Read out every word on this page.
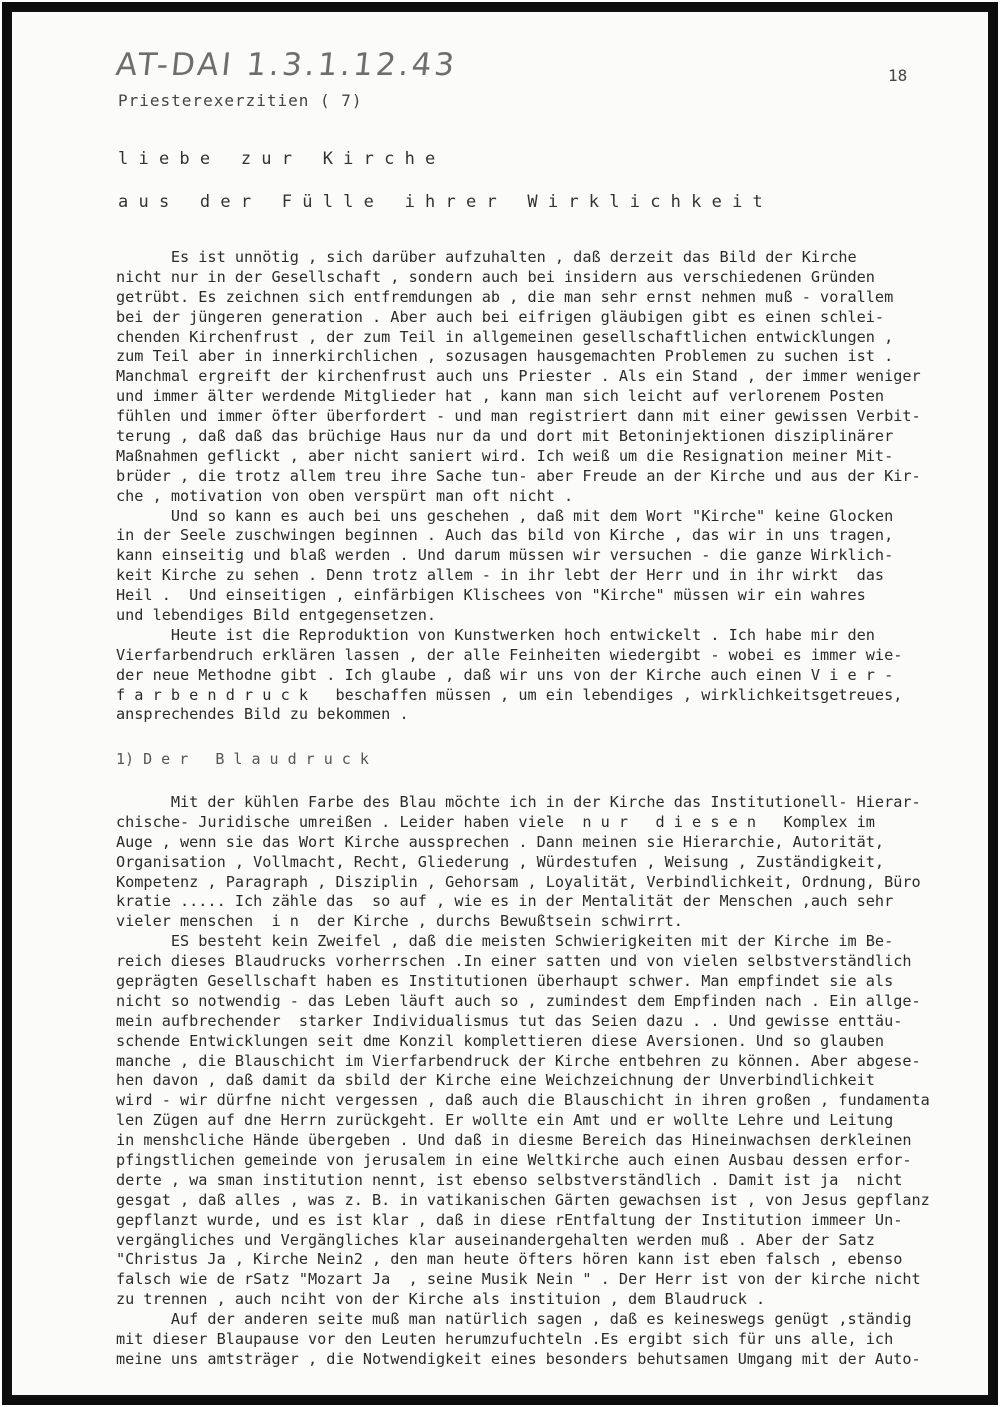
AT-DAI 1.3.1.12.43	18
Priesterexerzitien ( 7)
l i e b e   z u r   K i r c h e
a u s   d e r   F ü l l e   i h r e r   W i r k l i c h k e i t
Es ist unnötig , sich darüber aufzuhalten , daß derzeit das Bild der Kirche
nicht nur in der Gesellschaft , sondern auch bei insidern aus verschiedenen Gründen
getrübt. Es zeichnen sich entfremdungen ab , die man sehr ernst nehmen muß - vorallem
bei der jüngeren generation . Aber auch bei eifrigen gläubigen gibt es einen schlei-
chenden Kirchenfrust , der zum Teil in allgemeinen gesellschaftlichen entwicklungen ,
zum Teil aber in innerkirchlichen , sozusagen hausgemachten Problemen zu suchen ist .
Manchmal ergreift der kirchenfrust auch uns Priester . Als ein Stand , der immer weniger
und immer älter werdende Mitglieder hat , kann man sich leicht auf verlorenem Posten
fühlen und immer öfter überfordert - und man registriert dann mit einer gewissen Verbit-
terung , daß daß das brüchige Haus nur da und dort mit Betoninjektionen disziplinärer
Maßnahmen geflickt , aber nicht saniert wird. Ich weiß um die Resignation meiner Mit-
brüder , die trotz allem treu ihre Sache tun- aber Freude an der Kirche und aus der Kir-
che , motivation von oben verspürt man oft nicht .
Und so kann es auch bei uns geschehen , daß mit dem Wort "Kirche" keine Glocken
in der Seele zuschwingen beginnen . Auch das bild von Kirche , das wir in uns tragen,
kann einseitig und blaß werden . Und darum müssen wir versuchen - die ganze Wirklich-
keit Kirche zu sehen . Denn trotz allem - in ihr lebt der Herr und in ihr wirkt  das
Heil .  Und einseitigen , einfärbigen Klischees von "Kirche" müssen wir ein wahres
und lebendiges Bild entgegensetzen.
Heute ist die Reproduktion von Kunstwerken hoch entwickelt . Ich habe mir den
Vierfarbendruch erklären lassen , der alle Feinheiten wiedergibt - wobei es immer wie-
der neue Methodne gibt . Ich glaube , daß wir uns von der Kirche auch einen V i e r -
f a r b e n d r u c k   beschaffen müssen , um ein lebendiges , wirklichkeitsgetreues,
ansprechendes Bild zu bekommen .
1) D e r   B l a u d r u c k
Mit der kühlen Farbe des Blau möchte ich in der Kirche das Institutionell- Hierar-
chische- Juridische umreißen . Leider haben viele  n u r   d i e s e n   Komplex im
Auge , wenn sie das Wort Kirche aussprechen . Dann meinen sie Hierarchie, Autorität,
Organisation , Vollmacht, Recht, Gliederung , Würdestufen , Weisung , Zuständigkeit,
Kompetenz , Paragraph , Disziplin , Gehorsam , Loyalität, Verbindlichkeit, Ordnung, Büro
kratie ..... Ich zähle das  so auf , wie es in der Mentalität der Menschen ,auch sehr
vieler menschen  i n  der Kirche , durchs Bewußtsein schwirrt.
ES besteht kein Zweifel , daß die meisten Schwierigkeiten mit der Kirche im Be-
reich dieses Blaudrucks vorherrschen .In einer satten und von vielen selbstverständlich
geprägten Gesellschaft haben es Institutionen überhaupt schwer. Man empfindet sie als
nicht so notwendig - das Leben läuft auch so , zumindest dem Empfinden nach . Ein allge-
mein aufbrechender  starker Individualismus tut das Seien dazu . . Und gewisse enttäu-
schende Entwicklungen seit dme Konzil komplettieren diese Aversionen. Und so glauben
manche , die Blauschicht im Vierfarbendruck der Kirche entbehren zu können. Aber abgese-
hen davon , daß damit da sbild der Kirche eine Weichzeichnung der Unverbindlichkeit
wird - wir dürfne nicht vergessen , daß auch die Blauschicht in ihren großen , fundamenta
len Zügen auf dne Herrn zurückgeht. Er wollte ein Amt und er wollte Lehre und Leitung
in menshcliche Hände übergeben . Und daß in diesme Bereich das Hineinwachsen derkleinen
pfingstlichen gemeinde von jerusalem in eine Weltkirche auch einen Ausbau dessen erfor-
derte , wa sman institution nennt, ist ebenso selbstverständlich . Damit ist ja  nicht
gesgat , daß alles , was z. B. in vatikanischen Gärten gewachsen ist , von Jesus gepflanz
gepflanzt wurde, und es ist klar , daß in diese rEntfaltung der Institution immeer Un-
vergängliches und Vergängliches klar auseinandergehalten werden muß . Aber der Satz
"Christus Ja , Kirche Nein2 , den man heute öfters hören kann ist eben falsch , ebenso
falsch wie de rSatz "Mozart Ja  , seine Musik Nein " . Der Herr ist von der kirche nicht
zu trennen , auch nciht von der Kirche als instituion , dem Blaudruck .
Auf der anderen seite muß man natürlich sagen , daß es keineswegs genügt ,ständig
mit dieser Blaupause vor den Leuten herumzufuchteln .Es ergibt sich für uns alle, ich
meine uns amtsträger , die Notwendigkeit eines besonders behutsamen Umgang mit der Auto-
